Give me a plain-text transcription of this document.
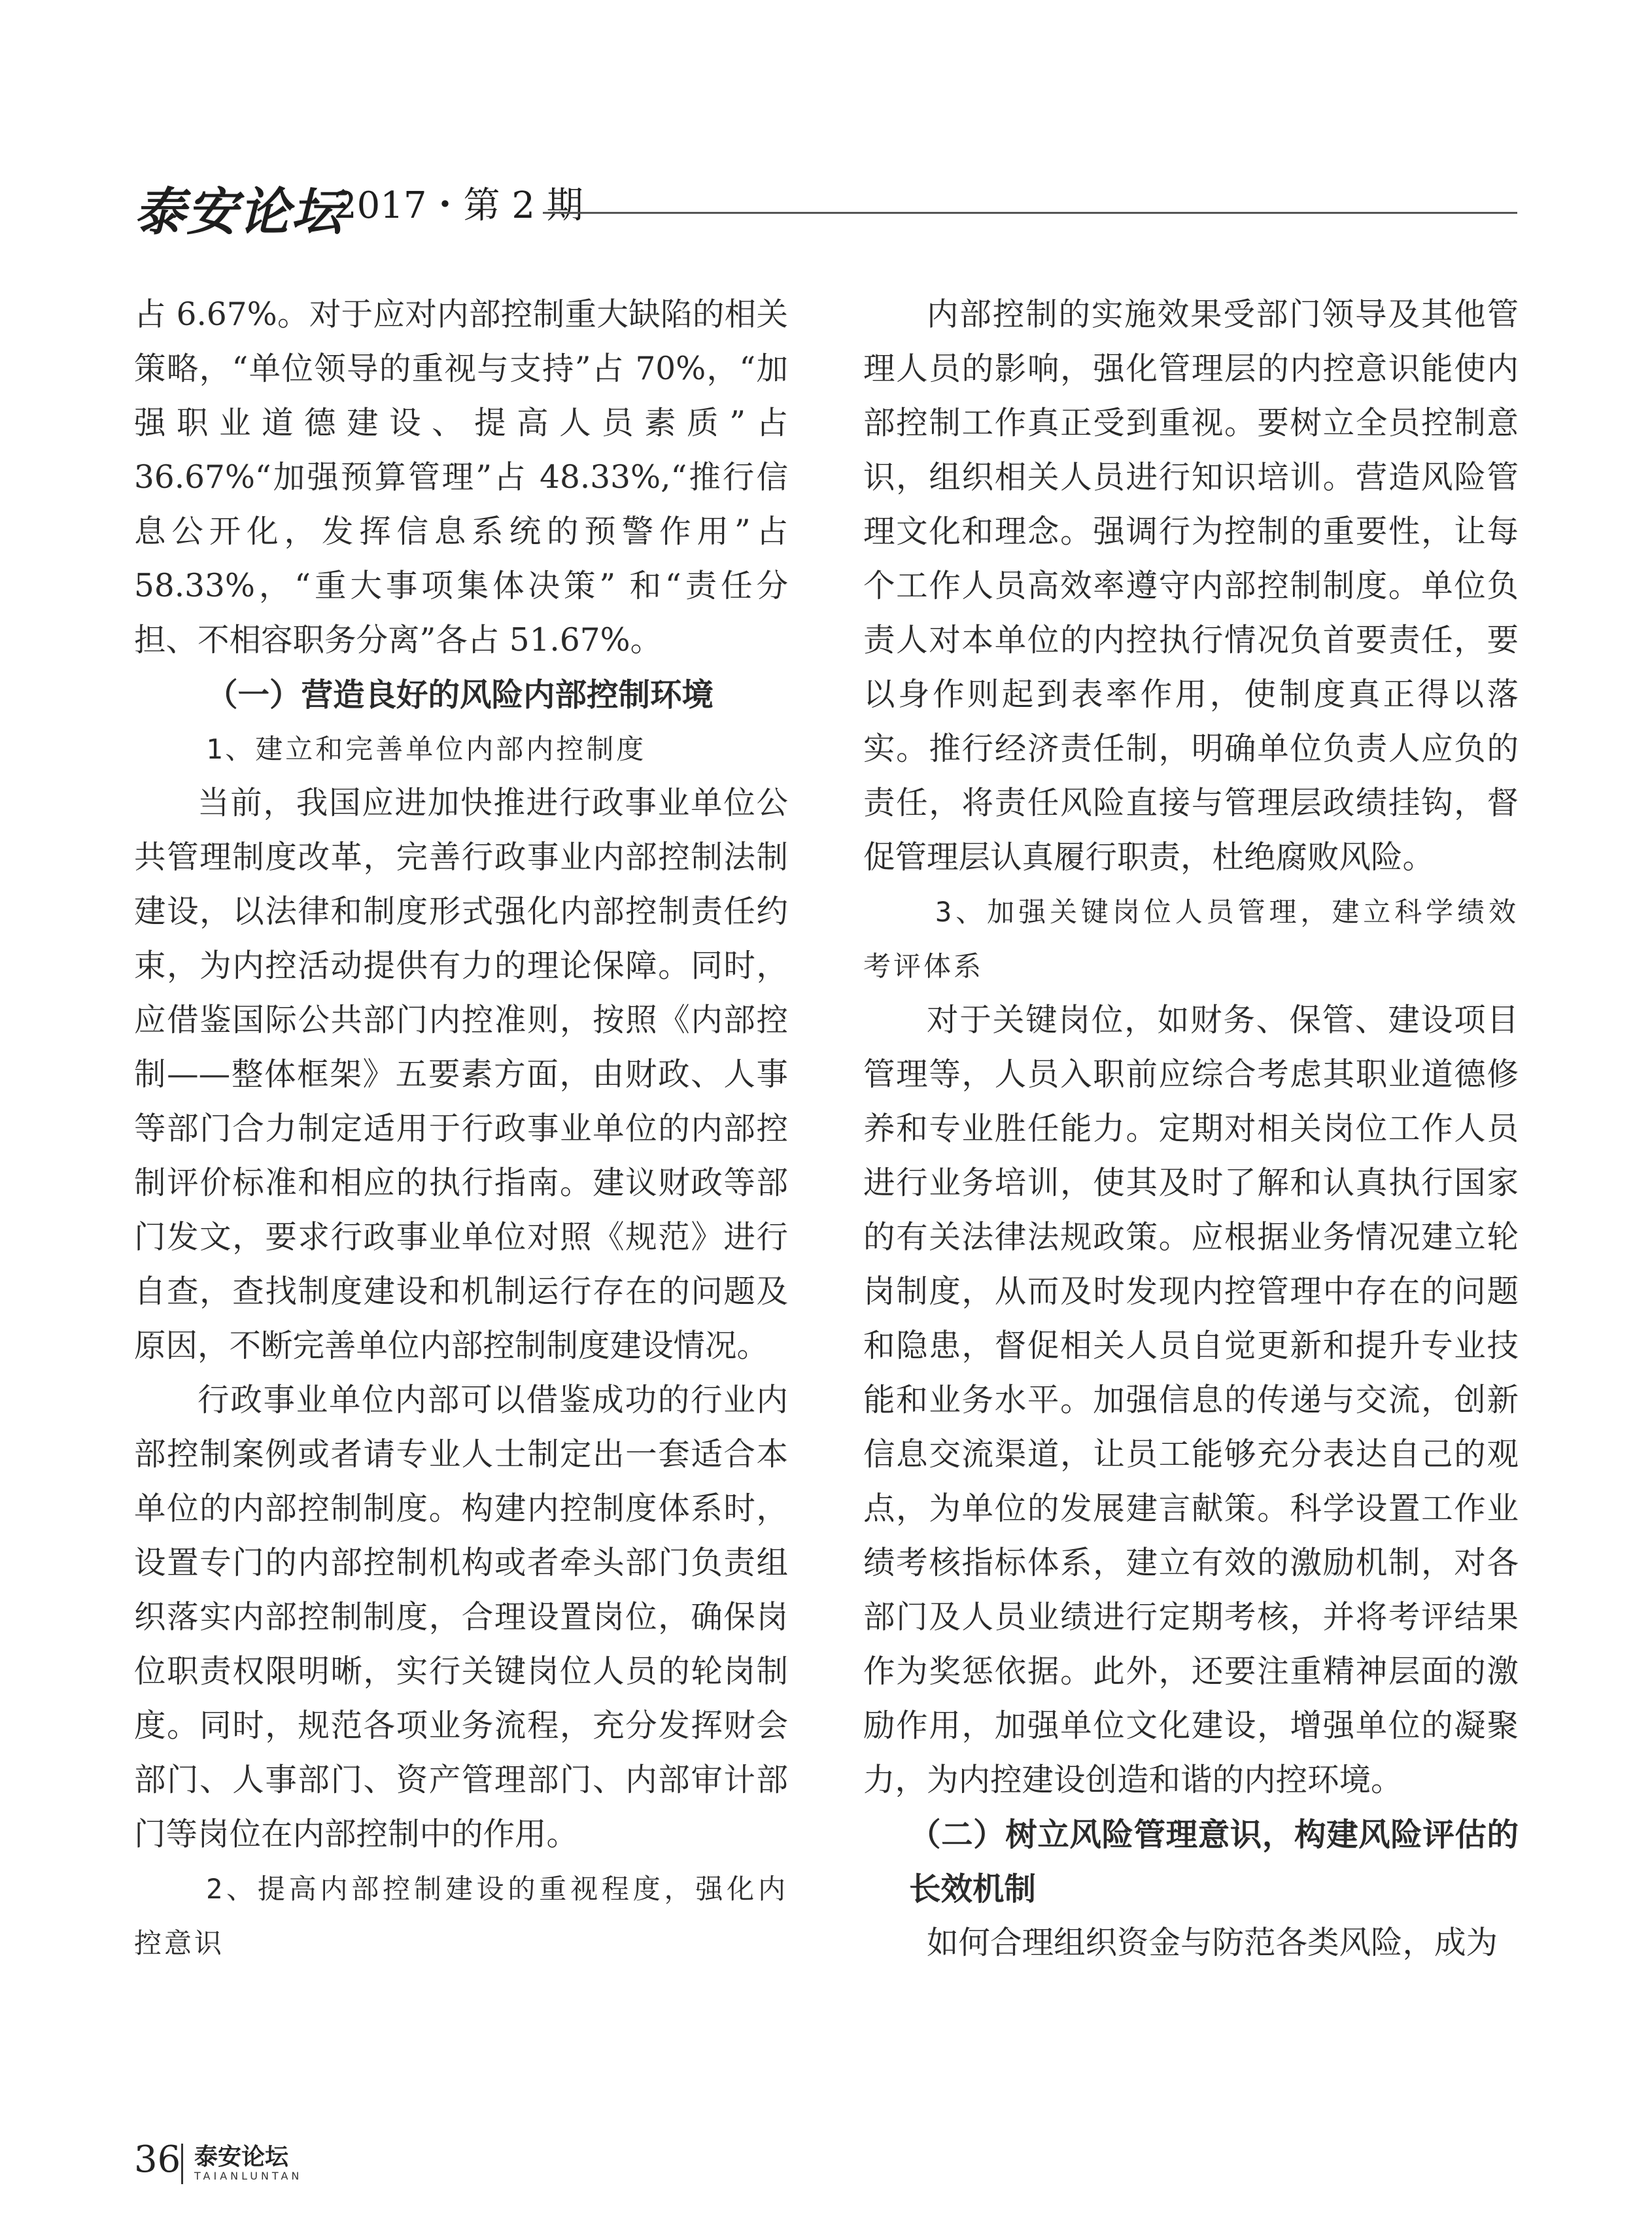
泰安论坛
2017・第 2 期

占 6.67%。对于应对内部控制重大缺陷的相关策略，“单位领导的重视与支持”占 70%，“加强职业道德建设、提高人员素质”占 36.67%“加强预算管理”占 48.33%,“推行信息公开化，发挥信息系统的预警作用”占 58.33%，“重大事项集体决策” 和“责任分担、不相容职务分离”各占 51.67%。

（一）营造良好的风险内部控制环境

1、建立和完善单位内部内控制度

当前，我国应进加快推进行政事业单位公共管理制度改革，完善行政事业内部控制法制建设，以法律和制度形式强化内部控制责任约束，为内控活动提供有力的理论保障。同时，应借鉴国际公共部门内控准则，按照《内部控制——整体框架》五要素方面，由财政、人事等部门合力制定适用于行政事业单位的内部控制评价标准和相应的执行指南。建议财政等部门发文，要求行政事业单位对照《规范》进行自查，查找制度建设和机制运行存在的问题及原因，不断完善单位内部控制制度建设情况。

行政事业单位内部可以借鉴成功的行业内部控制案例或者请专业人士制定出一套适合本单位的内部控制制度。构建内控制度体系时，设置专门的内部控制机构或者牵头部门负责组织落实内部控制制度，合理设置岗位，确保岗位职责权限明晰，实行关键岗位人员的轮岗制度。同时，规范各项业务流程，充分发挥财会部门、人事部门、资产管理部门、内部审计部门等岗位在内部控制中的作用。

2、提高内部控制建设的重视程度，强化内控意识

内部控制的实施效果受部门领导及其他管理人员的影响，强化管理层的内控意识能使内部控制工作真正受到重视。要树立全员控制意识，组织相关人员进行知识培训。营造风险管理文化和理念。强调行为控制的重要性，让每个工作人员高效率遵守内部控制制度。单位负责人对本单位的内控执行情况负首要责任，要以身作则起到表率作用，使制度真正得以落实。推行经济责任制，明确单位负责人应负的责任，将责任风险直接与管理层政绩挂钩，督促管理层认真履行职责，杜绝腐败风险。

3、加强关键岗位人员管理，建立科学绩效考评体系

对于关键岗位，如财务、保管、建设项目管理等，人员入职前应综合考虑其职业道德修养和专业胜任能力。定期对相关岗位工作人员进行业务培训，使其及时了解和认真执行国家的有关法律法规政策。应根据业务情况建立轮岗制度，从而及时发现内控管理中存在的问题和隐患，督促相关人员自觉更新和提升专业技能和业务水平。加强信息的传递与交流，创新信息交流渠道，让员工能够充分表达自己的观点，为单位的发展建言献策。科学设置工作业绩考核指标体系，建立有效的激励机制，对各部门及人员业绩进行定期考核，并将考评结果作为奖惩依据。此外，还要注重精神层面的激励作用，加强单位文化建设，增强单位的凝聚力，为内控建设创造和谐的内控环境。

（二）树立风险管理意识，构建风险评估的长效机制

如何合理组织资金与防范各类风险，成为

36 泰安论坛
TAIANLUNTAN
